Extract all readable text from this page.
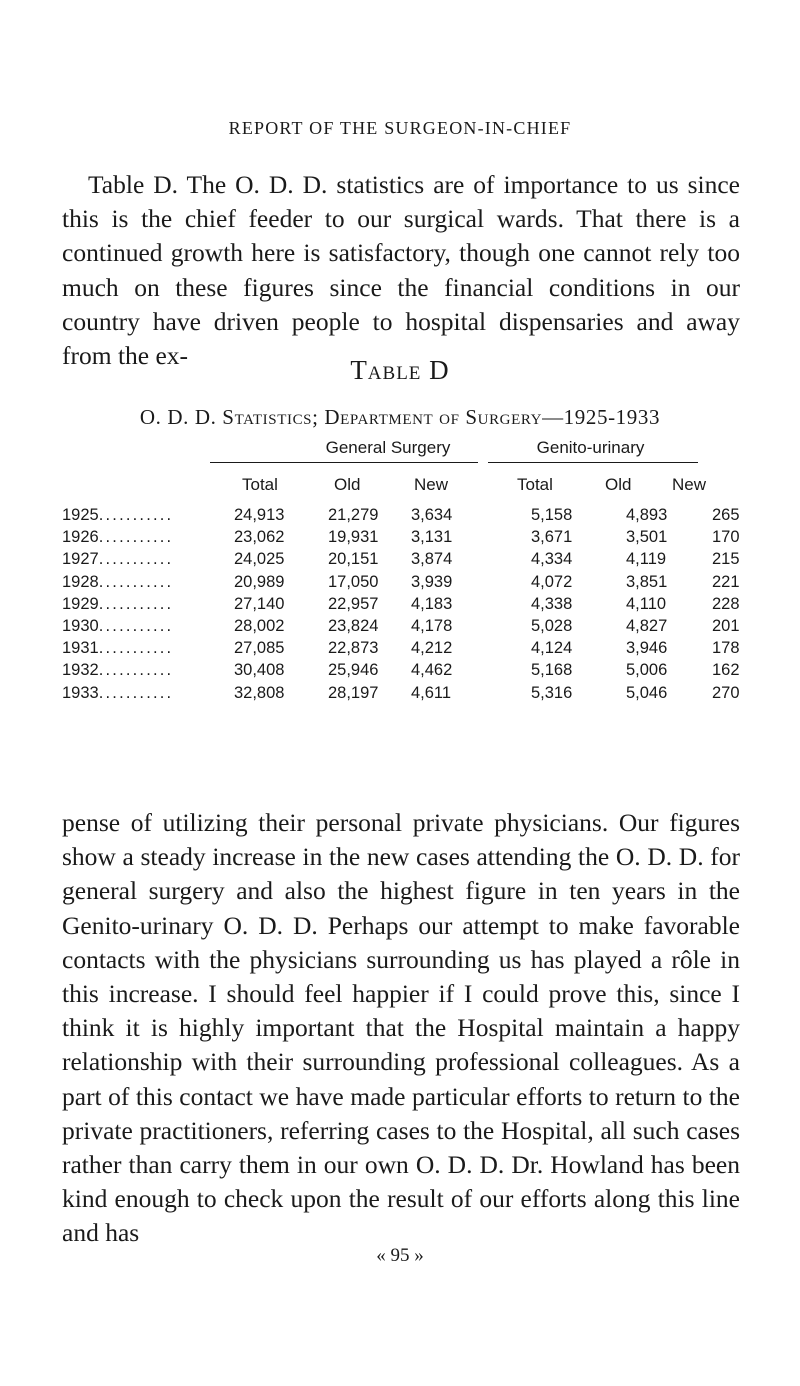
REPORT OF THE SURGEON-IN-CHIEF

Table D. The O. D. D. statistics are of importance to us since this is the chief feeder to our surgical wards. That there is a continued growth here is satisfactory, though one cannot rely too much on these figures since the financial conditions in our country have driven people to hospital dispensaries and away from the ex-	Table D
O. D. D. Statistics; Department of Surgery—1925-1933
General Surgery	Genito-urinary
Total	Old	New	Total	Old New
1925...........	24,913	21,279	3,634	5,158	4,893	265
1926...........	23,062	19,931	3,131	3,671	3,501	170
1927...........	24,025	20,151	3,874	4,334	4,119	215
1928...........	20,989	17,050	3,939	4,072	3,851	221
1929...........	27,140	22,957	4,183	4,338	4,110	228
1930...........	28,002	23,824	4,178	5,028	4,827	201
1931...........	27,085	22,873	4,212	4,124	3,946	178
1932...........	30,408	25,946	4,462	5,168	5,006	162
1933...........	32,808	28,197	4,611	5,316	5,046	270

pense of utilizing their personal private physicians. Our figures show a steady increase in the new cases attending the O. D. D. for general surgery and also the highest figure in ten years in the Genito-urinary O. D. D. Perhaps our attempt to make favorable contacts with the physicians surrounding us has played a rôle in this increase. I should feel happier if I could prove this, since I think it is highly important that the Hospital maintain a happy relationship with their surrounding professional colleagues. As a part of this contact we have made particular efforts to return to the private practitioners, referring cases to the Hospital, all such cases rather than carry them in our own O. D. D. Dr. Howland has been kind enough to check upon the result of our efforts along this line and has

« 95 »
